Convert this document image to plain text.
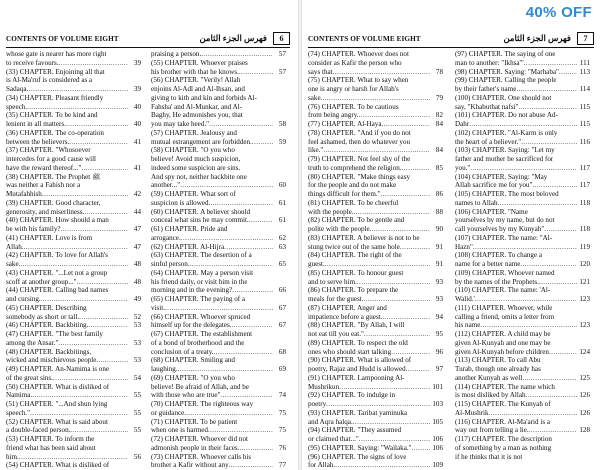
40% OFF
CONTENTS OF VOLUME EIGHT	فهرس الجزء الثامن	6
whose gate is nearer has more right
to receive favours. .....	39
(33) CHAPTER. Enjoining all that
is Al-Ma'ruf is considered as a
Sadaqa .....	39
(34) CHAPTER. Pleasant friendly
speech. .....	40
(35) CHAPTER. To be kind and
lenient in all matters. .....	40
(36) CHAPTER. The co-operation
between the believers. .....	41
(37) CHAPTER. "Whosoever
intercedes for a good cause will
have the reward thereof..." .....	41
(38) CHAPTER. The Prophet ﷺ
was neither a Fahish nor a
Mutafahhish .....	42
(39) CHAPTER. Good character,
generosity, and miserliness. .....	44
(40) CHAPTER. How should a man
be with his family? .....	47
(41) CHAPTER. Love is from
Allah. .....	47
(42) CHAPTER. To love for Allah's
sake. .....	48
(43) CHAPTER. "...Let not a group
scoff at another group..." .....	48
(44) CHAPTER. Calling bad names
and cursing. .....	49
(45) CHAPTER. Describing
somebody as short or tall. .....	52
(46) CHAPTER. Backbiting. .....	53
(47) CHAPTER. "The best family
among the Ansar." .....	53
(48) CHAPTER. Backbitings,
wicked and mischievous people. .....	53
(49) CHAPTER. An-Namima is one
of the great sins. .....	54
(50) CHAPTER. What is disliked of
Namima. .....	55
(51) CHAPTER. "...And shun lying
speech." .....	55
(52) CHAPTER. What is said about
a double-faced person. .....	55
(53) CHAPTER. To inform the
friend what has been said about
him. .....	56
(54) CHAPTER. What is disliked of
praising a person. .....	57
(55) CHAPTER. Whoever praises
his brother with that he knows. .....	57
(56) CHAPTER. "Verily! Allah
enjoins Al-Adl and Al-Ihsan, and
giving to kith and kin and forbids Al-
Fahsha' and Al-Munkar, and Al-
Baghy, He admonishes you, that
you may take heed." .....	58
(57) CHAPTER. Jealousy and
mutual estrangement are forbidden. .....	59
(58) CHAPTER. "O you who
believe! Avoid much suspicion,
indeed some suspicion are sins.
And spy not, neither backbite one
another..." .....	60
(59) CHAPTER. What sort of
suspicion is allowed. .....	61
(60) CHAPTER. A believer should
conceal what sins he may commit. .....	61
(61) CHAPTER. Pride and
arrogance. .....	62
(62) CHAPTER. Al-Hijra .....	63
(63) CHAPTER. The desertion of a
sinful person. .....	65
(64) CHAPTER. May a person visit
his friend daily, or visit him in the
morning and in the evening? .....	66
(65) CHAPTER. The paying of a
visit. .....	67
(66) CHAPTER. Whoever spruced
himself up for the delegates. .....	67
(67) CHAPTER. The establishment
of a bond of brotherhood and the
conclusion of a treaty. .....	68
(68) CHAPTER. Smiling and
laughing. .....	69
(69) CHAPTER. "O you who
believe! Be afraid of Allah, and be
with those who are true" .....	74
(70) CHAPTER. The righteous way
or guidance. .....	75
(71) CHAPTER. To be patient
when one is harmed .....	75
(72) CHAPTER. Whoever did not
admonish people in their faces. .....	76
(73) CHAPTER. Whoever calls his
brother a Kafir without any .....	77
CONTENTS OF VOLUME EIGHT	فهرس الجزء الثامن	7
(74) CHAPTER. Whoever does not
consider as Kafir the person who
says that .....	78
(75) CHAPTER. What to say when
one is angry or harsh for Allah's
sake. .....	79
(76) CHAPTER. To be cautious
from being angry. .....	82
(77) CHAPTER. Al-Haya .....	84
(78) CHAPTER. "And if you do not
feel ashamed, then do whatever you
like." .....	84
(79) CHAPTER. Not feel shy of the
truth to comprehend the religion. .....	85
(80) CHAPTER. "Make things easy
for the people and do not make
things difficult for them." .....	86
(81) CHAPTER. To be cheerful
with the people. .....	88
(82) CHAPTER. To be gentle and
polite with the people. .....	90
(83) CHAPTER. A believer is not to be
stung twice out of the same hole .....	91
(84) CHAPTER. The right of the
guest. .....	91
(85) CHAPTER. To honour guest
and to serve him. .....	93
(86) CHAPTER. To prepare the
meals for the guest. .....	93
(87) CHAPTER. Anger and
impatience before a guest. .....	94
(88) CHAPTER. "By Allah, I will
not eat till you eat." .....	95
(89) CHAPTER. To respect the old
ones who should start talking .....	96
(90) CHAPTER. What is allowed of
poetry, Rajaz and Hudd is allowed .....	97
(91) CHAPTER. Lampooning Al-
Mushrikun .....	101
(92) CHAPTER. To indulge in
poetry .....	103
(93) CHAPTER. Taribat yaminuka
and Aqra halqa. .....	105
(94) CHAPTER. "They assumed
or claimed that..." .....	106
(95) CHAPTER. Saying: "Wailaka." .....	106
(96) CHAPTER. The signs of love
for Allah. .....	109
(97) CHAPTER. The saying of one
man to another: "Ikhsa'" .....	111
(98) CHAPTER. Saying: "Marhaba" .....	113
(99) CHAPTER. Calling the people
by their father's name .....	114
(100) CHAPTER. One should not
say, "Khabuthat nafsi" .....	115
(101) CHAPTER. Do not abuse Ad-
Dahr .....	115
(102) CHAPTER. "Al-Karm is only
the heart of a believer." .....	116
(103) CHAPTER. Saying: "Let my
father and mother be sacrificed for
you." .....	117
(104) CHAPTER. Saying: "May
Allah sacrifice me for you" .....	117
(105) CHAPTER. The most beloved
names to Allah .....	118
(106) CHAPTER. "Name
yourselves by my name, but do not
call yourselves by my Kunyah" .....	118
(107) CHAPTER. The name: "Al-
Hazn" .....	119
(108) CHAPTER. To change a
name for a better name .....	120
(109) CHAPTER. Whoever named
by the names of the Prophets. .....	121
(110) CHAPTER. The name: 'Al-
Walid.' .....	123
(111) CHAPTER. Whoever, while
calling a friend, omits a letter from
his name .....	123
(112) CHAPTER. A child may be
given Al-Kunyah and one may be
given Al-Kunyah before children .....	124
(113) CHAPTER. To call Abu
Turab, though one already has
another Kunyah as well .....	125
(114) CHAPTER. The name which
is most disliked by Allah .....	126
(115) CHAPTER. The Kunyah of
Al-Mushrik .....	126
(116) CHAPTER. Al-Ma'arid is a
way out from telling a lie. .....	128
(117) CHAPTER. The description
of something by a man as nothing
if he thinks that it is not
